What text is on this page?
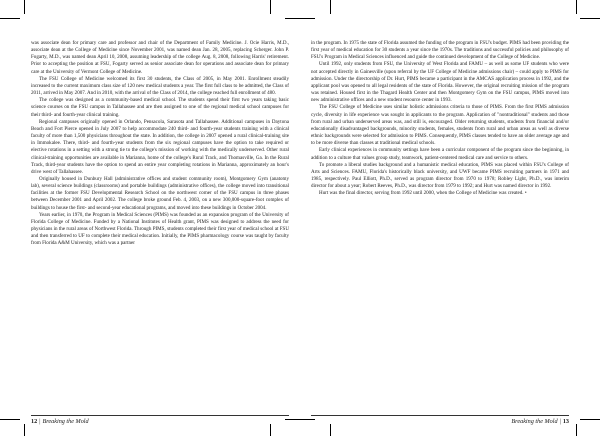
was associate dean for primary care and professor and chair of the Department of Family Medicine. J. Ocie Harris, M.D., associate dean at the College of Medicine since November 2001, was named dean Jan. 28, 2005, replacing Scherger. John P. Fogarty, M.D., was named dean April 10, 2008, assuming leadership of the college Aug. 8, 2008, following Harris' retirement. Prior to accepting the position at FSU, Fogarty served as senior associate dean for operations and associate dean for primary care at the University of Vermont College of Medicine.

The FSU College of Medicine welcomed its first 30 students, the Class of 2005, in May 2001. Enrollment steadily increased to the current maximum class size of 120 new medical students a year. The first full class to be admitted, the Class of 2011, arrived in May 2007. And in 2010, with the arrival of the Class of 2014, the college reached full enrollment of 480.

The college was designed as a community-based medical school. The students spend their first two years taking basic science courses on the FSU campus in Tallahassee and are then assigned to one of the regional medical school campuses for their third- and fourth-year clinical training.

Regional campuses originally opened in Orlando, Pensacola, Sarasota and Tallahassee. Additional campuses in Daytona Beach and Fort Pierce opened in July 2007 to help accommodate 240 third- and fourth-year students training with a clinical faculty of more than 1,500 physicians throughout the state. In addition, the college in 2007 opened a rural clinical-training site in Immokalee. There, third- and fourth-year students from the six regional campuses have the option to take required or elective rotations in a setting with a strong tie to the college's mission of working with the medically underserved. Other rural clinical-training opportunities are available in Marianna, home of the college's Rural Track, and Thomasville, Ga. In the Rural Track, third-year students have the option to spend an entire year completing rotations in Marianna, approximately an hour's drive west of Tallahassee.

Originally housed in Dunbury Hall (administrative offices and student community room), Montgomery Gym (anatomy lab), several science buildings (classrooms) and portable buildings (administrative offices), the college moved into transitional facilities at the former FSU Developmental Research School on the northwest corner of the FSU campus in three phases between December 2001 and April 2002. The college broke ground Feb. 4, 2003, on a new 300,000-square-foot complex of buildings to house the first- and second-year educational programs, and moved into these buildings in October 2004.

Years earlier, in 1970, the Program in Medical Sciences (PIMS) was founded as an expansion program of the University of Florida College of Medicine. Funded by a National Institutes of Health grant, PIMS was designed to address the need for physicians in the rural areas of Northwest Florida. Through PIMS, students completed their first year of medical school at FSU and then transferred to UF to complete their medical education. Initially, the PIMS pharmacology course was taught by faculty from Florida A&M University, which was a partner

in the program. In 1975 the state of Florida assumed the funding of the program in FSU's budget. PIMS had been providing the first year of medical education for 30 students a year since the 1970s. The traditions and successful policies and philosophy of FSU's Program in Medical Sciences influenced and guide the continued development of the College of Medicine.

Until 1992, only students from FSU, the University of West Florida and FAMU – as well as some UF students who were not accepted directly in Gainesville (upon referral by the UF College of Medicine admissions chair) – could apply to PIMS for admission. Under the directorship of Dr. Hurt, PIMS became a participant in the AMCAS application process in 1992, and the applicant pool was opened to all legal residents of the state of Florida. However, the original recruiting mission of the program was retained. Housed first in the Thagard Health Center and then Montgomery Gym on the FSU campus, PIMS moved into new administrative offices and a new student resource center in 1993.

The FSU College of Medicine uses similar holistic admissions criteria to those of PIMS. From the first PIMS admission cycle, diversity in life experience was sought in applicants to the program. Application of "nontraditional" students and those from rural and urban underserved areas was, and still is, encouraged. Older returning students, students from financial and/or educationally disadvantaged backgrounds, minority students, females, students from rural and urban areas as well as diverse ethnic backgrounds were selected for admission to PIMS. Consequently, PIMS classes tended to have an older average age and to be more diverse than classes at traditional medical schools.

Early clinical experiences in community settings have been a curricular component of the program since the beginning, in addition to a culture that values group study, teamwork, patient-centered medical care and service to others.

To promote a liberal studies background and a humanistic medical education, PIMS was placed within FSU's College of Arts and Sciences. FAMU, Florida's historically black university, and UWF became PIMS recruiting partners in 1971 and 1985, respectively. Paul Elliott, Ph.D., served as program director from 1970 to 1978; Robley Light, Ph.D., was interim director for about a year; Robert Reeves, Ph.D., was director from 1979 to 1992; and Hurt was named director in 1992.

Hurt was the final director, serving from 1992 until 2000, when the College of Medicine was created. •

12 | Breaking the Mold	Breaking the Mold | 13
